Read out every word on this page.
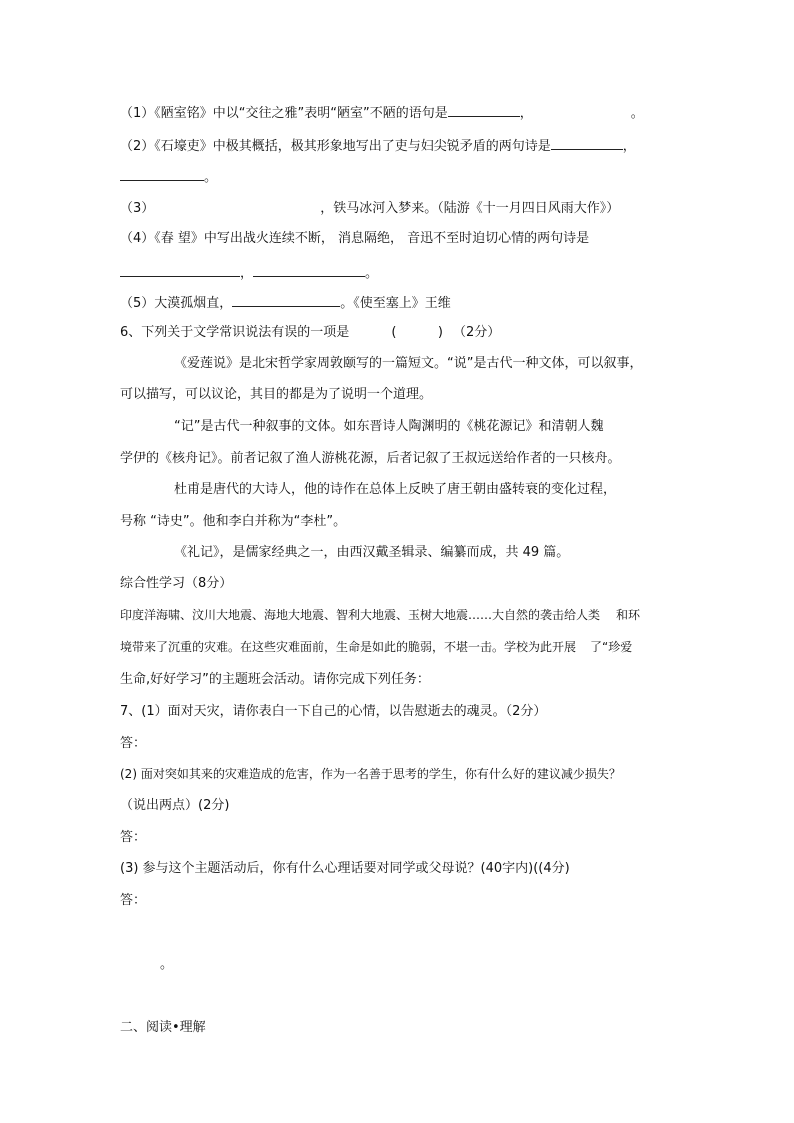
（1）《陋室铭》中以“交往之雅”表明“陋室”不陋的语句是	，	。
（2）《石壕吏》中极其概括，极其形象地写出了吏与妇尖锐矛盾的两句诗是	，
。
（3）	，铁马冰河入梦来。（陆游《十一月四日风雨大作》）
（4）《春 望》中写出战火连续不断， 消息隔绝， 音迅不至时迫切心情的两句诗是
，	。
（5）大漠孤烟直，	。《使至塞上》王维
6、下列关于文学常识说法有误的一项是	(          ) （2分）
《爱莲说》是北宋哲学家周敦颐写的一篇短文。“说”是古代一种文体，可以叙事，
可以描写，可以议论，其目的都是为了说明一个道理。
“记”是古代一种叙事的文体。如东晋诗人陶渊明的《桃花源记》和清朝人魏
学伊的《核舟记》。前者记叙了渔人游桃花源，后者记叙了王叔远送给作者的一只核舟。
杜甫是唐代的大诗人，他的诗作在总体上反映了唐王朝由盛转衰的变化过程，
号称 “诗史”。他和李白并称为“李杜”。
《礼记》，是儒家经典之一，由西汉戴圣辑录、编纂而成，共 49 篇。
综合性学习（8分）
印度洋海啸、汶川大地震、海地大地震、智利大地震、玉树大地震……大自然的袭击给人类 和环
境带来了沉重的灾难。在这些灾难面前，生命是如此的脆弱，不堪一击。学校为此开展 了“珍爱
生命,好好学习”的主题班会活动。请你完成下列任务：
7、(1）面对天灾，请你表白一下自己的心情，以告慰逝去的魂灵。（2分）
答：
(2) 面对突如其来的灾难造成的危害，作为一名善于思考的学生，你有什么好的建议减少损失？
（说出两点）(2分)
答：
(3) 参与这个主题活动后，你有什么心理话要对同学或父母说？(40字内)((4分)
答：
。
二、阅读•理解
